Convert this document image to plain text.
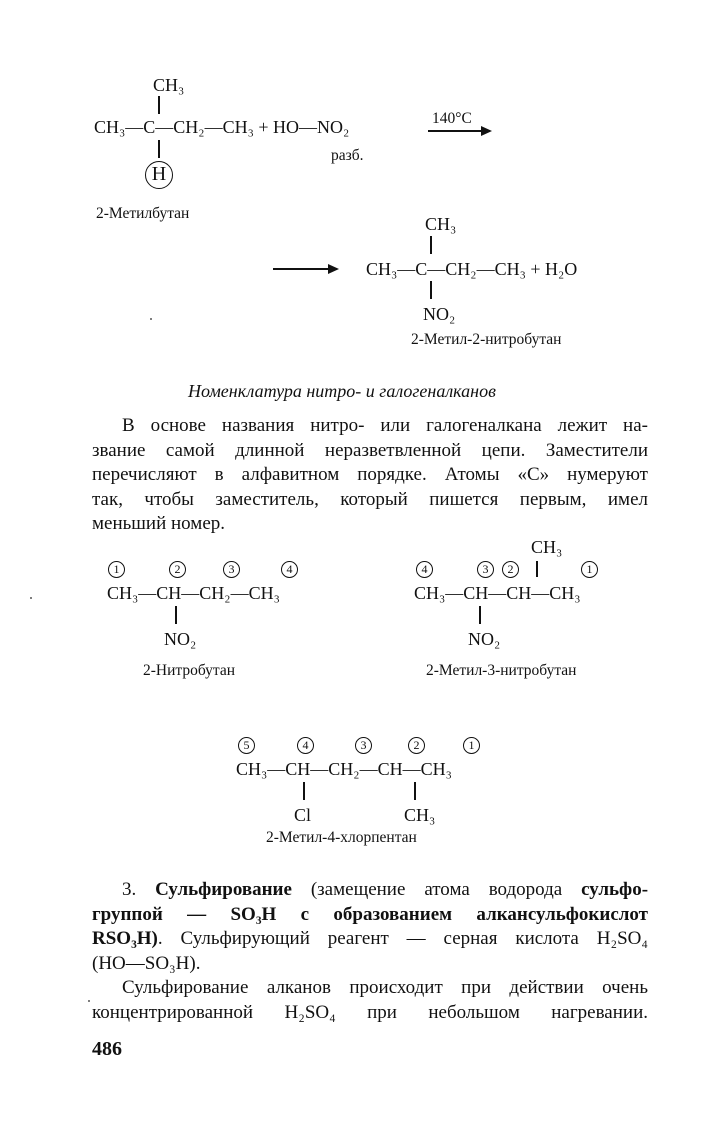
CH₃
CH₃—C—CH₂—CH₃ + HO—NO₂
H
140°C
разб.
2-Метилбутан
CH₃
CH₃—C—CH₂—CH₃ + H₂O
NO₂
2-Метил-2-нитробутан
Номенклатура нитро- и галогеналканов
В основе названия нитро- или галогеналкана лежит на-
звание самой длинной неразветвленной цепи. Заместители
перечисляют в алфавитном порядке. Атомы «С» нумеруют
так, чтобы заместитель, который пишется первым, имел
меньший номер.
1	2	3	4
CH₃—CH—CH₂—CH₃
NO₂
2-Нитробутан
CH₃
4	3	2	1
CH₃—CH—CH—CH₃
NO₂
2-Метил-3-нитробутан
5	4	3	2	1
CH₃—CH—CH₂—CH—CH₃
Cl	CH₃
2-Метил-4-хлорпентан
3. Сульфирование (замещение атома водорода сульфо-
группой — SO₃H с образованием алкансульфокислот
RSO₃H). Сульфирующий реагент — серная кислота H₂SO₄
(HO—SO₃H).
Сульфирование алканов происходит при действии очень
концентрированной H₂SO₄ при небольшом нагревании.
486
